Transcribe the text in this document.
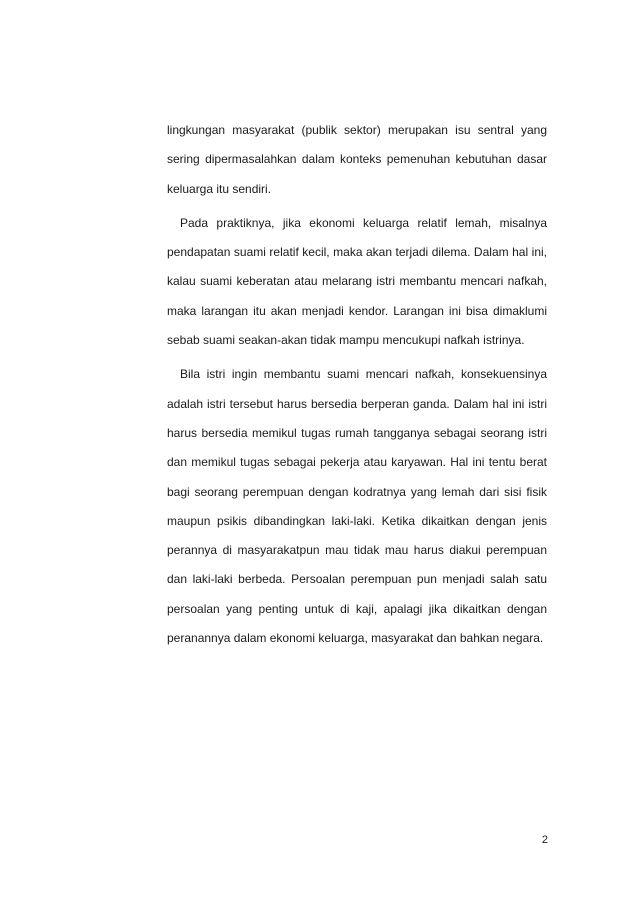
lingkungan masyarakat (publik sektor) merupakan isu sentral yang sering dipermasalahkan dalam konteks pemenuhan kebutuhan dasar keluarga itu sendiri.

Pada praktiknya, jika ekonomi keluarga relatif lemah, misalnya pendapatan suami relatif kecil, maka akan terjadi dilema. Dalam hal ini, kalau suami keberatan atau melarang istri membantu mencari nafkah, maka larangan itu akan menjadi kendor. Larangan ini bisa dimaklumi sebab suami seakan-akan tidak mampu mencukupi nafkah istrinya.

Bila istri ingin membantu suami mencari nafkah, konsekuensinya adalah istri tersebut harus bersedia berperan ganda. Dalam hal ini istri harus bersedia memikul tugas rumah tangganya sebagai seorang istri dan memikul tugas sebagai pekerja atau karyawan. Hal ini tentu berat bagi seorang perempuan dengan kodratnya yang lemah dari sisi fisik maupun psikis dibandingkan laki-laki. Ketika dikaitkan dengan jenis perannya di masyarakatpun mau tidak mau harus diakui perempuan dan laki-laki berbeda. Persoalan perempuan pun menjadi salah satu persoalan yang penting untuk di kaji, apalagi jika dikaitkan dengan peranannya dalam ekonomi keluarga, masyarakat dan bahkan negara.

2
